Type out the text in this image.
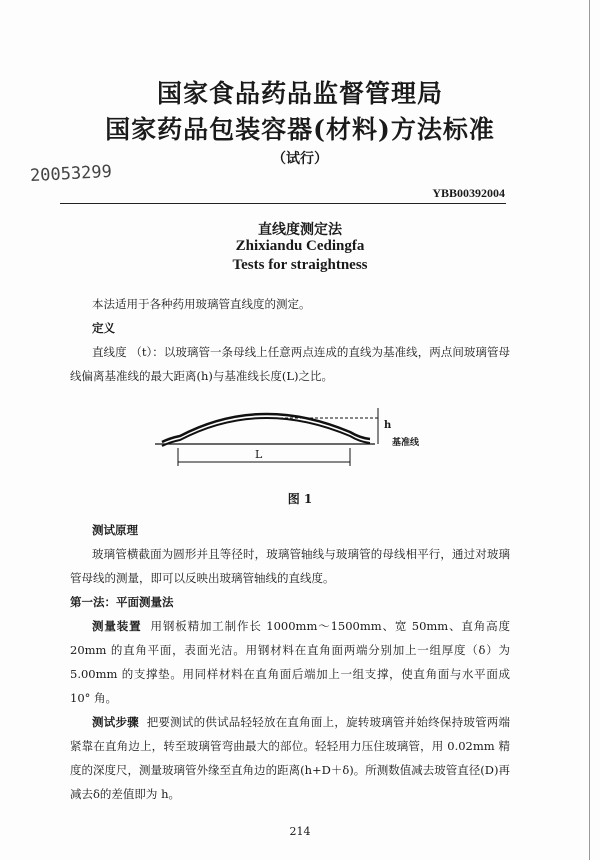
国家食品药品监督管理局
国家药品包装容器(材料)方法标准
（试行）
20053299
YBB00392004
直线度测定法
Zhixiandu Cedingfa
Tests for straightness

本法适用于各种药用玻璃管直线度的测定。

定义

直线度 （t）：以玻璃管一条母线上任意两点连成的直线为基准线，两点间玻璃管母线偏离基准线的最大距离(h)与基准线长度(L)之比。

h
基准线
L
图 1

测试原理

玻璃管横截面为圆形并且等径时，玻璃管轴线与玻璃管的母线相平行，通过对玻璃管母线的测量，即可以反映出玻璃管轴线的直线度。

第一法：平面测量法

测量装置 用钢板精加工制作长 1000mm～1500mm、宽 50mm、直角高度 20mm 的直角平面，表面光洁。用钢材料在直角面两端分别加上一组厚度（δ）为 5.00mm 的支撑垫。用同样材料在直角面后端加上一组支撑，使直角面与水平面成 10° 角。

测试步骤 把要测试的供试品轻轻放在直角面上，旋转玻璃管并始终保持玻管两端紧靠在直角边上，转至玻璃管弯曲最大的部位。轻轻用力压住玻璃管，用 0.02mm 精度的深度尺，测量玻璃管外缘至直角边的距离(h+D＋δ)。所测数值减去玻管直径(D)再减去δ的差值即为 h。

214
